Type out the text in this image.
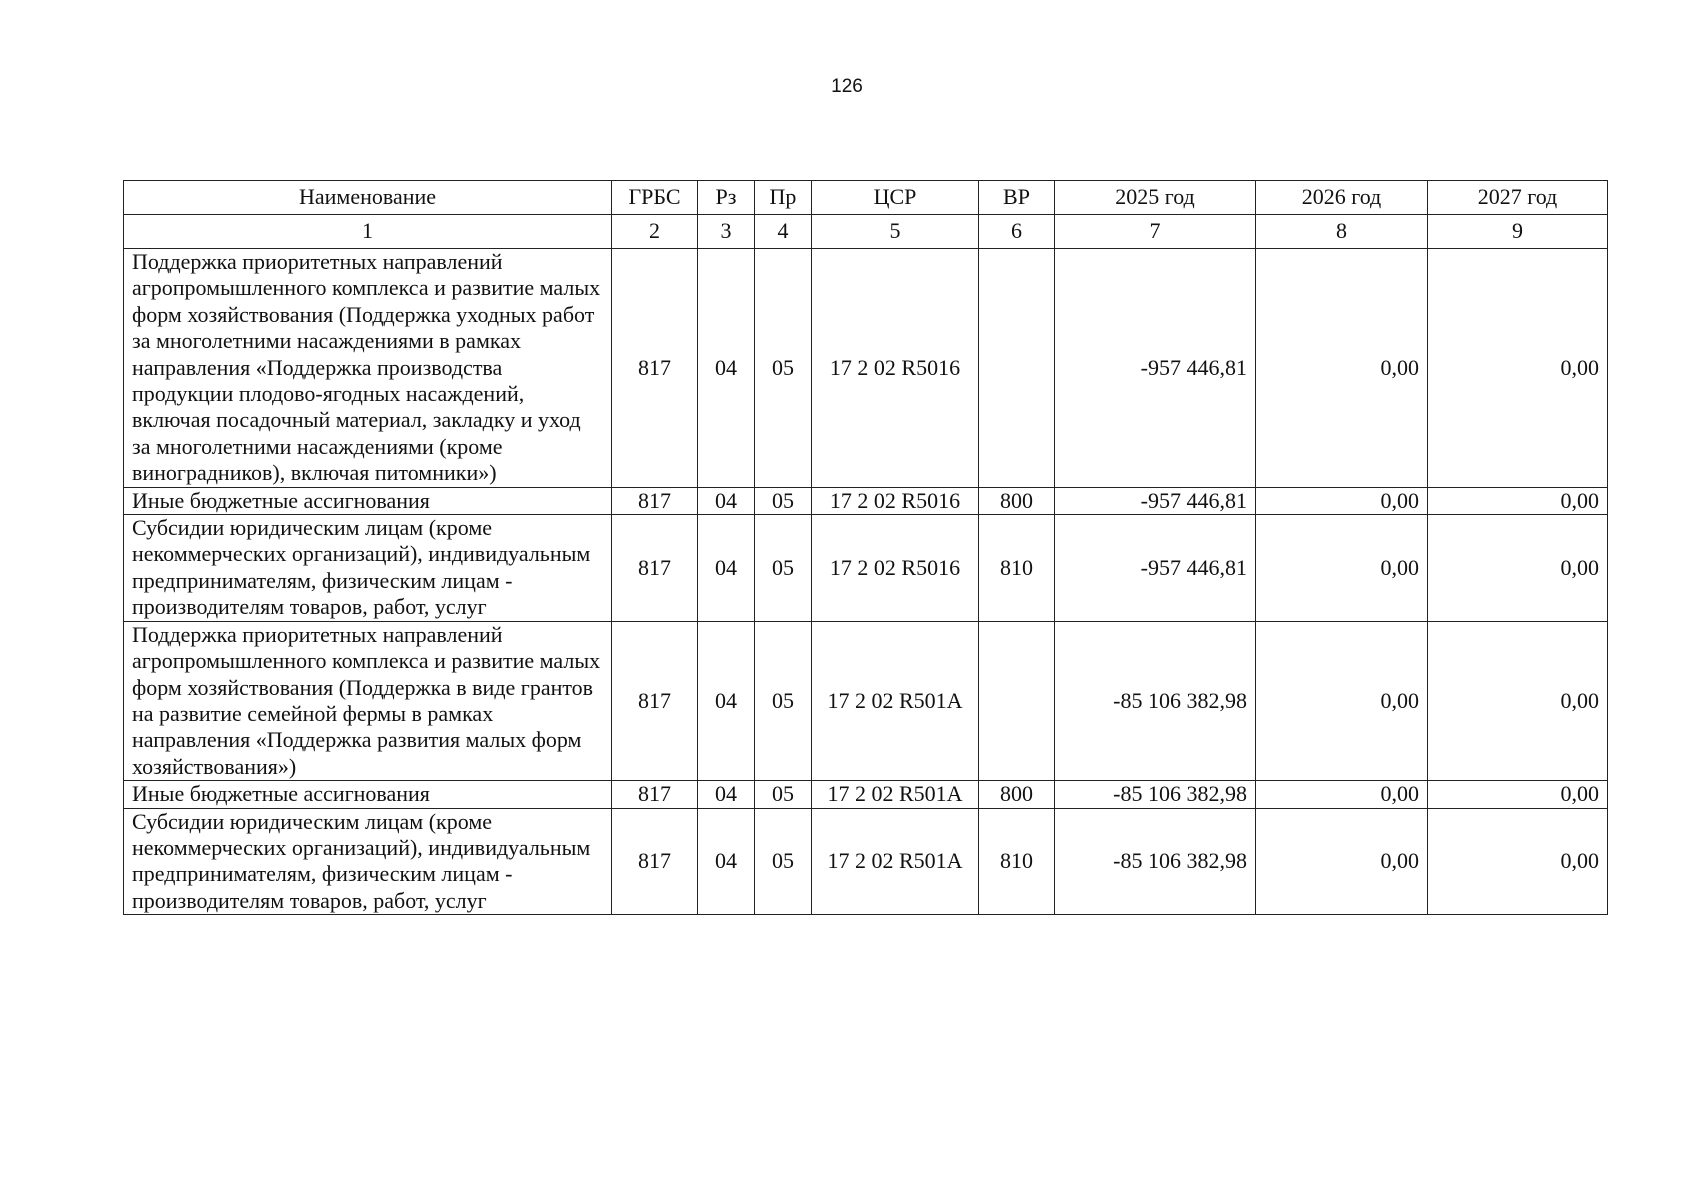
126
Наименование	ГРБС	Рз	Пр	ЦСР	ВР	2025 год	2026 год	2027 год
1	2	3	4	5	6	7	8	9
Поддержка приоритетных направлений агропромышленного комплекса и развитие малых форм хозяйствования (Поддержка уходных работ за многолетними насаждениями в рамках направления «Поддержка производства продукции плодово-ягодных насаждений, включая посадочный материал, закладку и уход за многолетними насаждениями (кроме виноградников), включая питомники»)	817	04	05	17 2 02 R5016		-957 446,81	0,00	0,00
Иные бюджетные ассигнования	817	04	05	17 2 02 R5016	800	-957 446,81	0,00	0,00
Субсидии юридическим лицам (кроме некоммерческих организаций), индивидуальным предпринимателям, физическим лицам - производителям товаров, работ, услуг	817	04	05	17 2 02 R5016	810	-957 446,81	0,00	0,00
Поддержка приоритетных направлений агропромышленного комплекса и развитие малых форм хозяйствования (Поддержка в виде грантов на развитие семейной фермы в рамках направления «Поддержка развития малых форм хозяйствования»)	817	04	05	17 2 02 R501A		-85 106 382,98	0,00	0,00
Иные бюджетные ассигнования	817	04	05	17 2 02 R501A	800	-85 106 382,98	0,00	0,00
Субсидии юридическим лицам (кроме некоммерческих организаций), индивидуальным предпринимателям, физическим лицам - производителям товаров, работ, услуг	817	04	05	17 2 02 R501A	810	-85 106 382,98	0,00	0,00
